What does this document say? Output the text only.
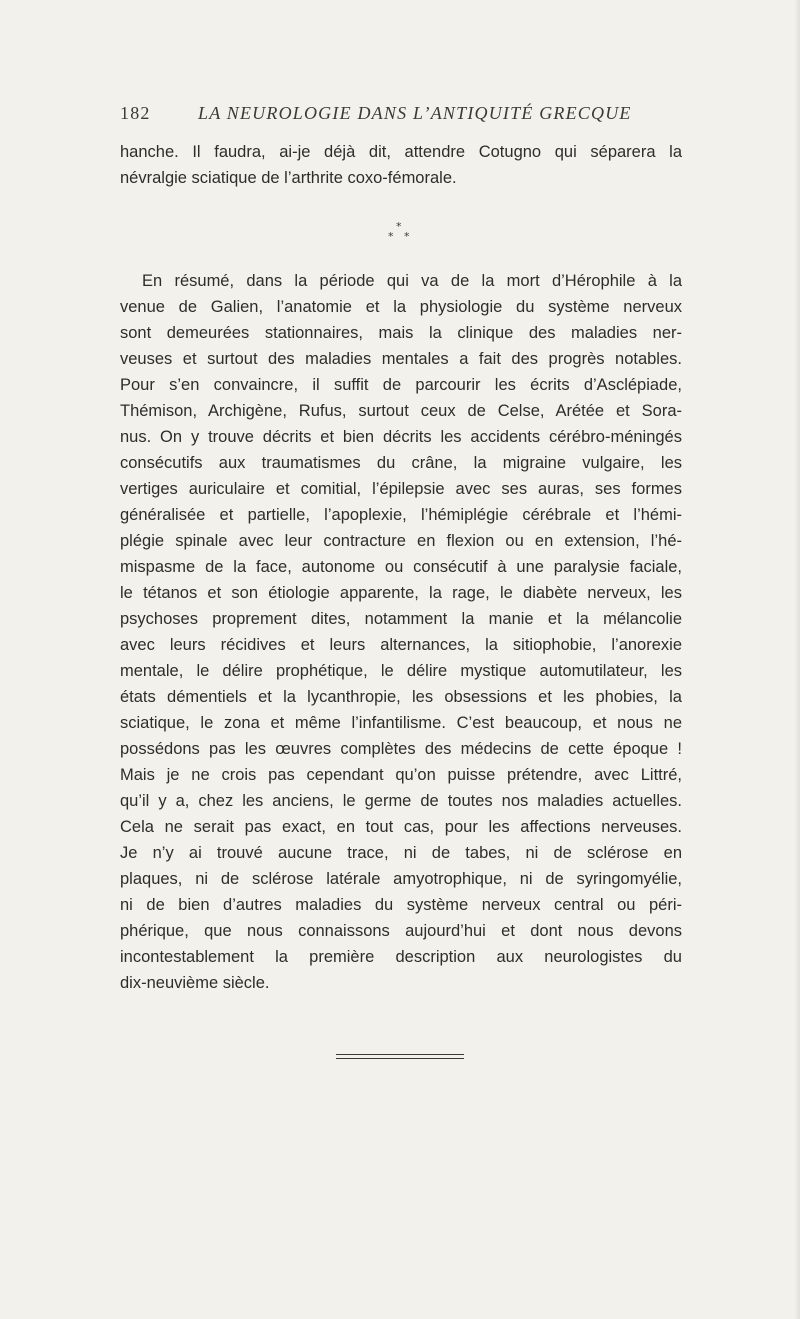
182	LA NEUROLOGIE DANS L’ANTIQUITÉ GRECQUE
hanche. Il faudra, ai-je déjà dit, attendre Cotugno qui séparera la
névralgie sciatique de l’arthrite coxo-fémorale.
*
* *
En résumé, dans la période qui va de la mort d’Hérophile à la
venue de Galien, l’anatomie et la physiologie du système nerveux
sont demeurées stationnaires, mais la clinique des maladies ner-
veuses et surtout des maladies mentales a fait des progrès notables.
Pour s’en convaincre, il suffit de parcourir les écrits d’Asclépiade,
Thémison, Archigène, Rufus, surtout ceux de Celse, Arétée et Sora-
nus. On y trouve décrits et bien décrits les accidents cérébro-méningés
consécutifs aux traumatismes du crâne, la migraine vulgaire, les
vertiges auriculaire et comitial, l’épilepsie avec ses auras, ses formes
généralisée et partielle, l’apoplexie, l’hémiplégie cérébrale et l’hémi-
plégie spinale avec leur contracture en flexion ou en extension, l’hé-
mispasme de la face, autonome ou consécutif à une paralysie faciale,
le tétanos et son étiologie apparente, la rage, le diabète nerveux, les
psychoses proprement dites, notamment la manie et la mélancolie
avec leurs récidives et leurs alternances, la sitiophobie, l’anorexie
mentale, le délire prophétique, le délire mystique automutilateur, les
états démentiels et la lycanthropie, les obsessions et les phobies, la
sciatique, le zona et même l’infantilisme. C’est beaucoup, et nous ne
possédons pas les œuvres complètes des médecins de cette époque !
Mais je ne crois pas cependant qu’on puisse prétendre, avec Littré,
qu’il y a, chez les anciens, le germe de toutes nos maladies actuelles.
Cela ne serait pas exact, en tout cas, pour les affections nerveuses.
Je n’y ai trouvé aucune trace, ni de tabes, ni de sclérose en
plaques, ni de sclérose latérale amyotrophique, ni de syringomyélie,
ni de bien d’autres maladies du système nerveux central ou péri-
phérique, que nous connaissons aujourd’hui et dont nous devons
incontestablement la première description aux neurologistes du
dix-neuvième siècle.
